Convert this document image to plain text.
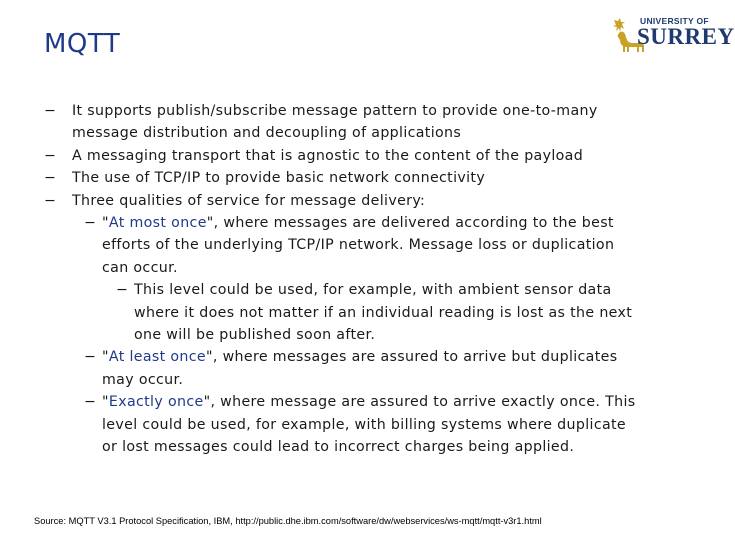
MQTT
UNIVERSITY OF
SURREY
− It supports publish/subscribe message pattern to provide one-to-many
message distribution and decoupling of applications
− A messaging transport that is agnostic to the content of the payload
− The use of TCP/IP to provide basic network connectivity
− Three qualities of service for message delivery:
− "At most once", where messages are delivered according to the best
efforts of the underlying TCP/IP network. Message loss or duplication
can occur.
− This level could be used, for example, with ambient sensor data
where it does not matter if an individual reading is lost as the next
one will be published soon after.
− "At least once", where messages are assured to arrive but duplicates
may occur.
− "Exactly once", where message are assured to arrive exactly once. This
level could be used, for example, with billing systems where duplicate
or lost messages could lead to incorrect charges being applied.
Source: MQTT V3.1 Protocol Specification, IBM, http://public.dhe.ibm.com/software/dw/webservices/ws-mqtt/mqtt-v3r1.html
